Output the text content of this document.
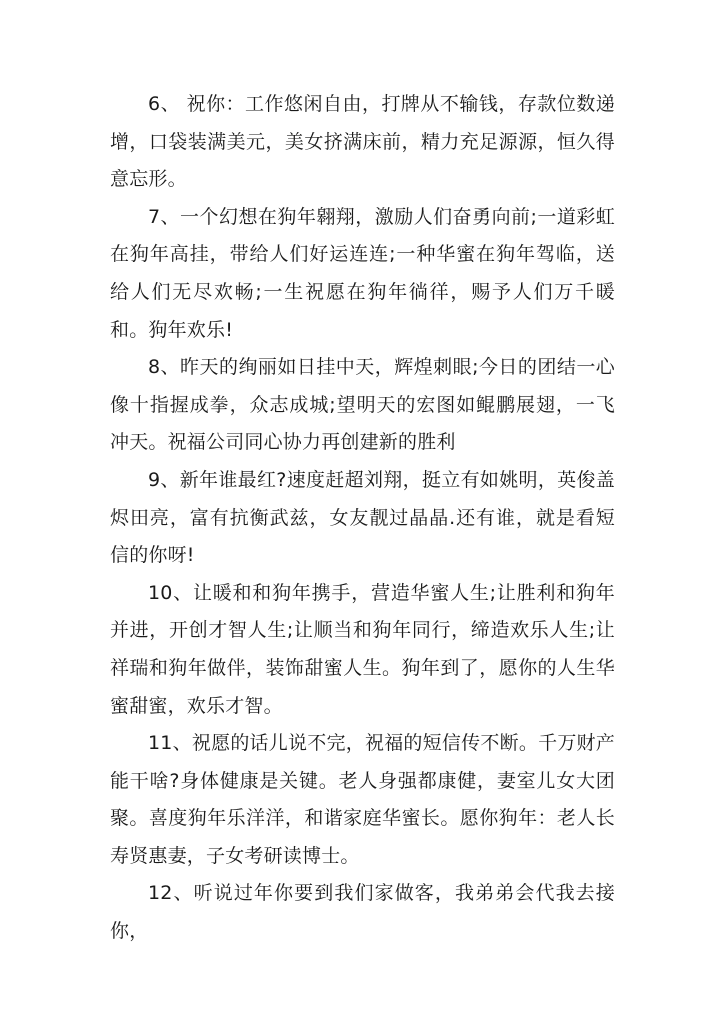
6、 祝你：工作悠闲自由，打牌从不输钱，存款位数递增，口袋装满美元，美女挤满床前，精力充足源源，恒久得意忘形。

7、一个幻想在狗年翱翔，激励人们奋勇向前;一道彩虹在狗年高挂，带给人们好运连连;一种华蜜在狗年驾临，送给人们无尽欢畅;一生祝愿在狗年徜徉，赐予人们万千暖和。狗年欢乐!

8、昨天的绚丽如日挂中天，辉煌刺眼;今日的团结一心像十指握成拳，众志成城;望明天的宏图如鲲鹏展翅，一飞冲天。祝福公司同心协力再创建新的胜利

9、新年谁最红?速度赶超刘翔，挺立有如姚明，英俊盖烬田亮，富有抗衡武兹，女友靓过晶晶.还有谁，就是看短信的你呀!

10、让暖和和狗年携手，营造华蜜人生;让胜利和狗年并进，开创才智人生;让顺当和狗年同行，缔造欢乐人生;让祥瑞和狗年做伴，装饰甜蜜人生。狗年到了，愿你的人生华蜜甜蜜，欢乐才智。

11、祝愿的话儿说不完，祝福的短信传不断。千万财产能干啥?身体健康是关键。老人身强都康健，妻室儿女大团聚。喜度狗年乐洋洋，和谐家庭华蜜长。愿你狗年：老人长寿贤惠妻，子女考研读博士。

12、听说过年你要到我们家做客，我弟弟会代我去接你，
